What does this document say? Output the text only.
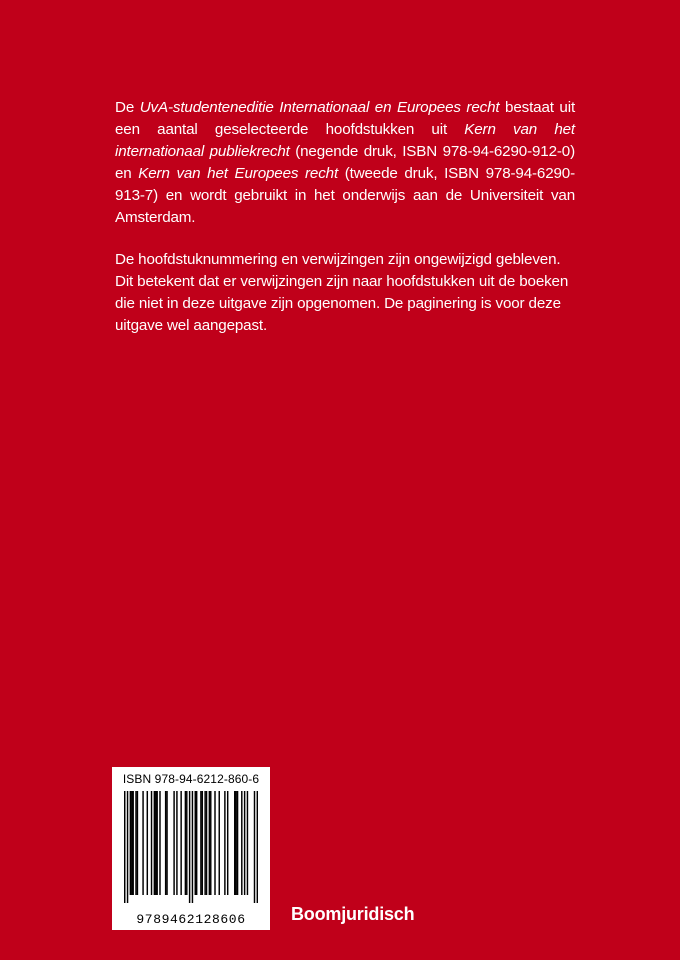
De UvA-studenteneditie Internationaal en Europees recht bestaat uit een aantal geselecteerde hoofdstukken uit Kern van het internationaal publiekrecht (negende druk, ISBN 978-94-6290-912-0) en Kern van het Europees recht (tweede druk, ISBN 978-94-6290-913-7) en wordt gebruikt in het onderwijs aan de Universiteit van Amsterdam.

De hoofdstuknummering en verwijzingen zijn ongewijzigd gebleven. Dit betekent dat er verwijzingen zijn naar hoofdstukken uit de boeken die niet in deze uitgave zijn opgenomen. De paginering is voor deze uitgave wel aangepast.

ISBN 978-94-6212-860-6
9789462128606	Boomjuridisch
